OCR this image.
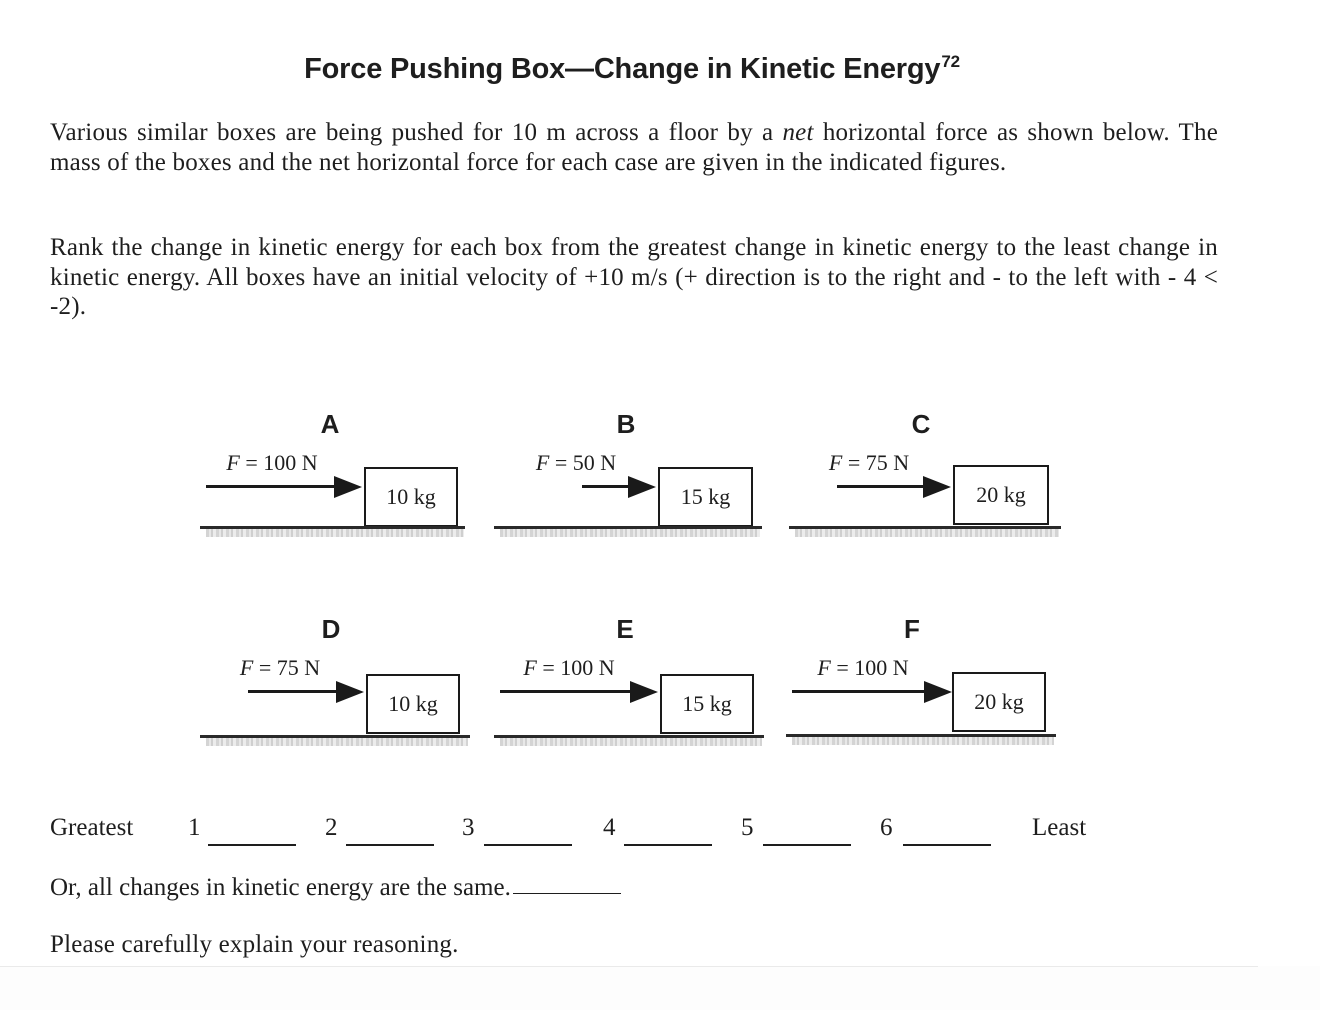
Force Pushing Box—Change in Kinetic Energy$^{72}$

Various similar boxes are being pushed for 10 m across a floor by a net horizontal force as shown below. The mass of the boxes and the net horizontal force for each case are given in the indicated figures.

Rank the change in kinetic energy for each box from the greatest change in kinetic energy to the least change in kinetic energy. All boxes have an initial velocity of +10 m/s (+ direction is to the right and - to the left with - 4 < -2).

A
F = 100 N
10 kg
B
F = 50 N
15 kg
C
F = 75 N
20 kg
D
F = 75 N
10 kg
E
F = 100 N
15 kg
F
F = 100 N
20 kg
Greatest 1	2	3	4	5	6	Least
Or, all changes in kinetic energy are the same.
Please carefully explain your reasoning.
